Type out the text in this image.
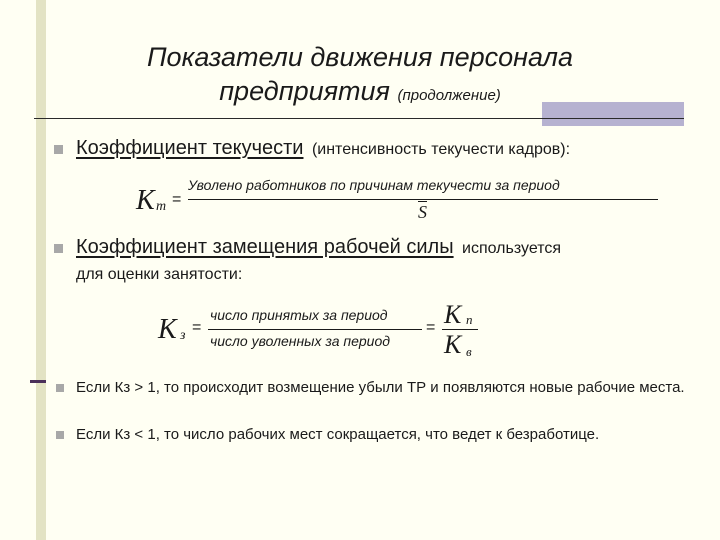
Показатели движения персонала
предприятия (продолжение)
Коэффициент текучести (интенсивность текучести кадров):
К т =
Уволено работников по причинам текучести за период
$\overline{S}$
Коэффициент замещения рабочей силы используется
для оценки занятости:
К з =
число принятых за период
число уволенных за период
= К п
К в
Если Кз > 1, то происходит возмещение убыли ТР и появляются новые рабочие места.
Если Кз < 1, то число рабочих мест сокращается, что ведет к безработице.
